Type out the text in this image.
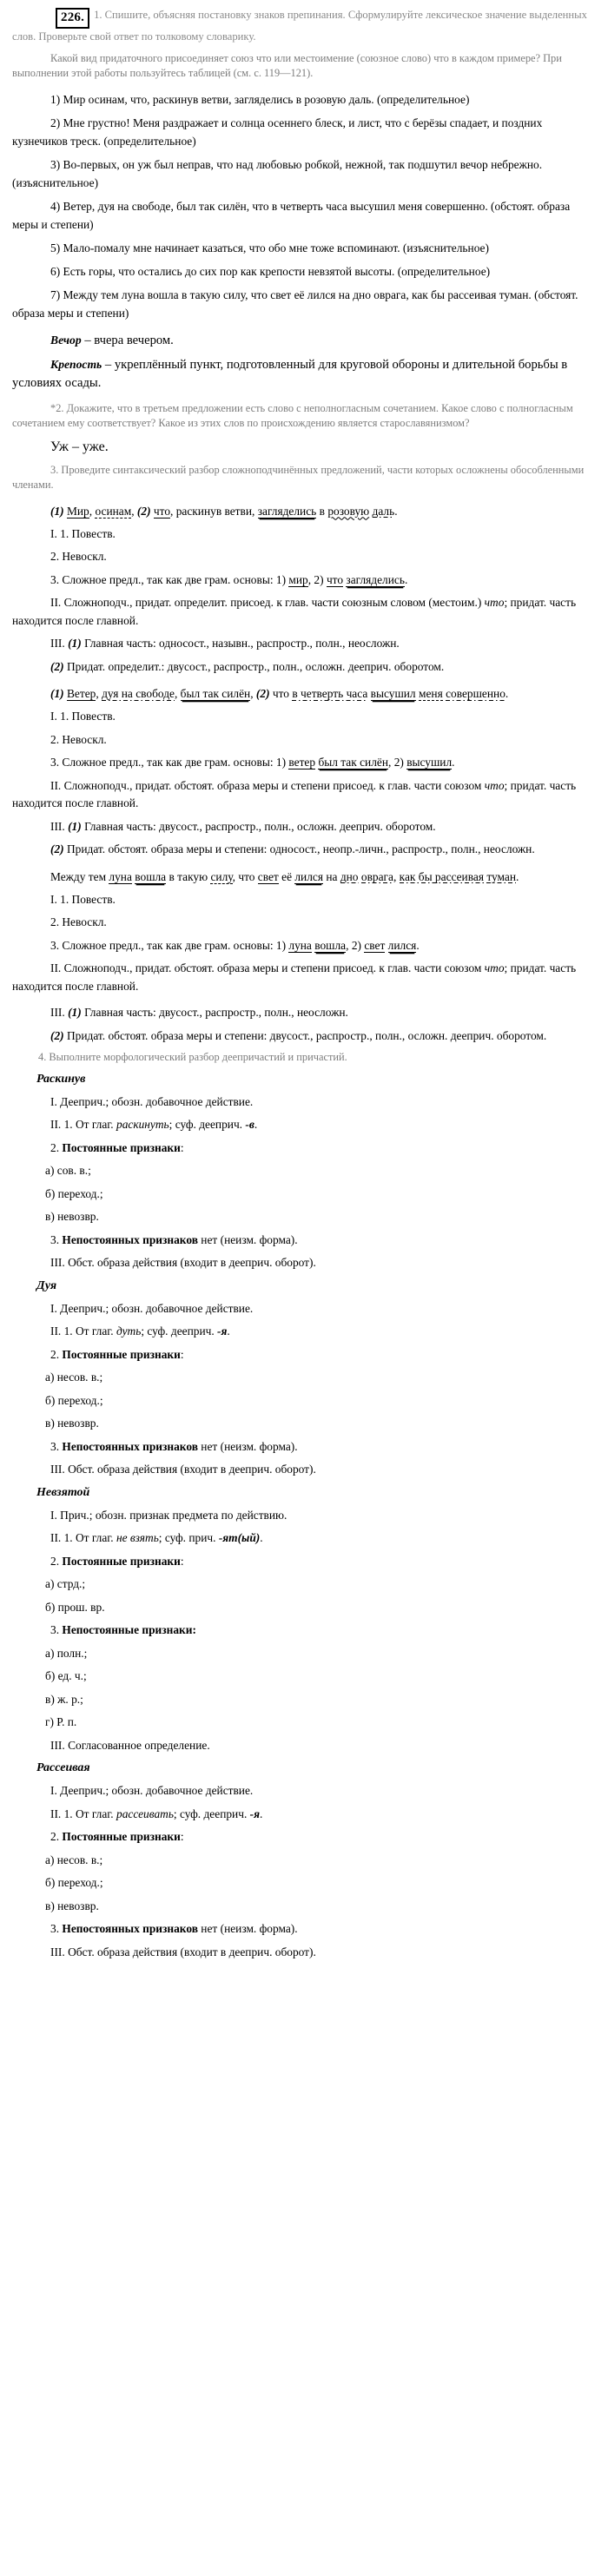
226. 1. Спишите, объясняя постановку знаков препинания. Сформулируйте лексическое значение выделенных слов. Проверьте свой ответ по толковому словарику.

Какой вид придаточного присоединяет союз что или местоимение (союзное слово) что в каждом примере? При выполнении этой работы пользуйтесь таблицей (см. с. 119—121).

1) Мир осинам, что, раскинув ветви, загляделись в розовую даль. (определительное)

2) Мне грустно! Меня раздражает и солнца осеннего блеск, и лист, что с берёзы спадает, и поздних кузнечиков треск. (определительное)

3) Во-первых, он уж был неправ, что над любовью робкой, нежной, так подшутил вечор небрежно. (изъяснительное)

4) Ветер, дуя на свободе, был так силён, что в четверть часа высушил меня совершенно. (обстоят. образа меры и степени)

5) Мало-помалу мне начинает казаться, что обо мне тоже вспоминают. (изъяснительное)

6) Есть горы, что остались до сих пор как крепости невзятой высоты. (определительное)

7) Между тем луна вошла в такую силу, что свет её лился на дно оврага, как бы рассеивая туман. (обстоят. образа меры и степени)

Вечор – вчера вечером.

Крепость – укреплённый пункт, подготовленный для круговой обороны и длительной борьбы в условиях осады.

*2. Докажите, что в третьем предложении есть слово с неполногласным сочетанием. Какое слово с полногласным сочетанием ему соответствует? Какое из этих слов по происхождению является старославянизмом?

Уж – уже.

3. Проведите синтаксический разбор сложноподчинённых предложений, части которых осложнены обособленными членами.

(1) Мир, осинам, (2) что, раскинув ветви, загляделись в розовую даль.

I. 1. Повеств.

2. Невоскл.

3. Сложное предл., так как две грам. основы: 1) мир, 2) что загляделись.

II. Сложноподч., придат. определит. присоед. к глав. части союзным словом (местоим.) что; придат. часть находится после главной.

III. (1) Главная часть: односост., назывн., распростр., полн., неосложн.

(2) Придат. определит.: двусост., распростр., полн., осложн. дееприч. оборотом.

(1) Ветер, дуя на свободе, был так силён, (2) что в четверть часа высушил меня совершенно.

I. 1. Повеств.

2. Невоскл.

3. Сложное предл., так как две грам. основы: 1) ветер был так силён, 2) высушил.

II. Сложноподч., придат. обстоят. образа меры и степени присоед. к глав. части союзом что; придат. часть находится после главной.

III. (1) Главная часть: двусост., распростр., полн., осложн. дееприч. оборотом.

(2) Придат. обстоят. образа меры и степени: односост., неопр.-личн., распростр., полн., неосложн.

Между тем луна вошла в такую силу, что свет её лился на дно оврага, как бы рассеивая туман.

I. 1. Повеств.

2. Невоскл.

3. Сложное предл., так как две грам. основы: 1) луна вошла, 2) свет лился.

II. Сложноподч., придат. обстоят. образа меры и степени присоед. к глав. части союзом что; придат. часть находится после главной.

III. (1) Главная часть: двусост., распростр., полн., неосложн.

(2) Придат. обстоят. образа меры и степени: двусост., распростр., полн., осложн. дееприч. оборотом.

4. Выполните морфологический разбор деепричастий и причастий.

Раскинув

I. Дееприч.; обозн. добавочное действие.

II. 1. От глаг. раскинуть; суф. дееприч. -в.

2. Постоянные признаки:

а) сов. в.;

б) переход.;

в) невозвр.

3. Непостоянных признаков нет (неизм. форма).

III. Обст. образа действия (входит в дееприч. оборот).

Дуя

I. Дееприч.; обозн. добавочное действие.

II. 1. От глаг. дуть; суф. дееприч. -я.

2. Постоянные признаки:

а) несов. в.;

б) переход.;

в) невозвр.

3. Непостоянных признаков нет (неизм. форма).

III. Обст. образа действия (входит в дееприч. оборот).

Невзятой

I. Прич.; обозн. признак предмета по действию.

II. 1. От глаг. не взять; суф. прич. -ят(ый).

2. Постоянные признаки:

а) стрд.;

б) прош. вр.

3. Непостоянные признаки:

а) полн.;

б) ед. ч.;

в) ж. р.;

г) Р. п.

III. Согласованное определение.

Рассеивая

I. Дееприч.; обозн. добавочное действие.

II. 1. От глаг. рассеивать; суф. дееприч. -я.

2. Постоянные признаки:

а) несов. в.;

б) переход.;

в) невозвр.

3. Непостоянных признаков нет (неизм. форма).

III. Обст. образа действия (входит в дееприч. оборот).
